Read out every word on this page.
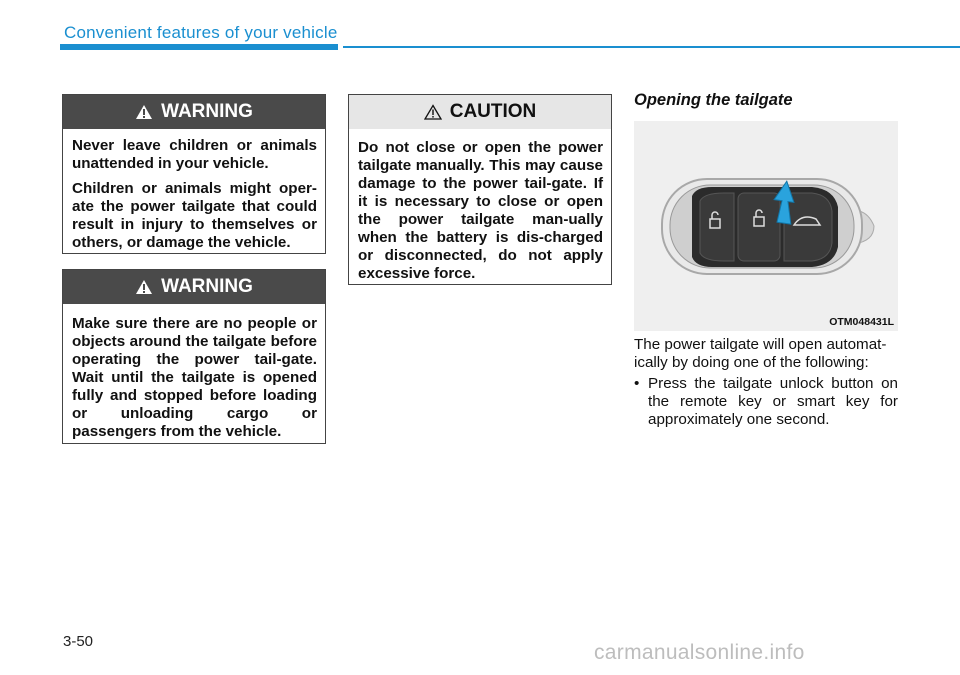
Convenient features of your vehicle
WARNING

Never leave children or animals unattended in your vehicle.

Children or animals might oper-ate the power tailgate that could result in injury to themselves or others, or damage the vehicle.

WARNING

Make sure there are no people or objects around the tailgate before operating the power tail-gate. Wait until the tailgate is opened fully and stopped before loading or unloading cargo or passengers from the vehicle.

CAUTION

Do not close or open the power tailgate manually. This may cause damage to the power tail-gate. If it is necessary to close or open the power tailgate man-ually when the battery is dis-charged or disconnected, do not apply excessive force.

Opening the tailgate
OTM048431L
The power tailgate will open automat-ically by doing one of the following:
• Press the tailgate unlock button on the remote key or smart key for approximately one second.
3-50	carmanualsonline.info
